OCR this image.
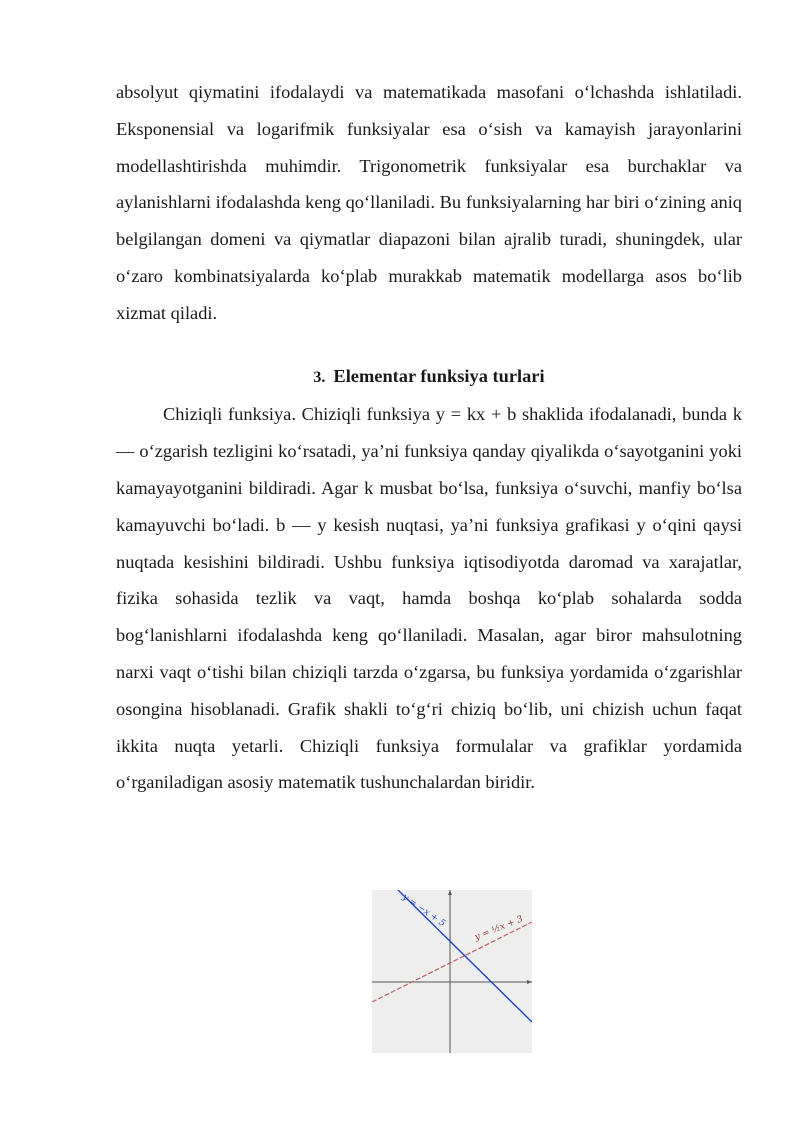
absolyut qiymatini ifodalaydi va matematikada masofani o‘lchashda ishlatiladi. Eksponensial va logarifmik funksiyalar esa o‘sish va kamayish jarayonlarini modellashtirishda muhimdir. Trigonometrik funksiyalar esa burchaklar va aylanishlarni ifodalashda keng qo‘llaniladi. Bu funksiyalarning har biri o‘zining aniq belgilangan domeni va qiymatlar diapazoni bilan ajralib turadi, shuningdek, ular o‘zaro kombinatsiyalarda ko‘plab murakkab matematik modellarga asos bo‘lib xizmat qiladi.

3. Elementar funksiya turlari

Chiziqli funksiya. Chiziqli funksiya y = kx + b shaklida ifodalanadi, bunda k — o‘zgarish tezligini ko‘rsatadi, ya’ni funksiya qanday qiyalikda o‘sayotganini yoki kamayayotganini bildiradi. Agar k musbat bo‘lsa, funksiya o‘suvchi, manfiy bo‘lsa kamayuvchi bo‘ladi. b — y kesish nuqtasi, ya’ni funksiya grafikasi y o‘qini qaysi nuqtada kesishini bildiradi. Ushbu funksiya iqtisodiyotda daromad va xarajatlar, fizika sohasida tezlik va vaqt, hamda boshqa ko‘plab sohalarda sodda bog‘lanishlarni ifodalashda keng qo‘llaniladi. Masalan, agar biror mahsulotning narxi vaqt o‘tishi bilan chiziqli tarzda o‘zgarsa, bu funksiya yordamida o‘zgarishlar osongina hisoblanadi. Grafik shakli to‘g‘ri chiziq bo‘lib, uni chizish uchun faqat ikkita nuqta yetarli. Chiziqli funksiya formulalar va grafiklar yordamida o‘rganiladigan asosiy matematik tushunchalardan biridir.

y = −x + 5	y = ½x + 3
